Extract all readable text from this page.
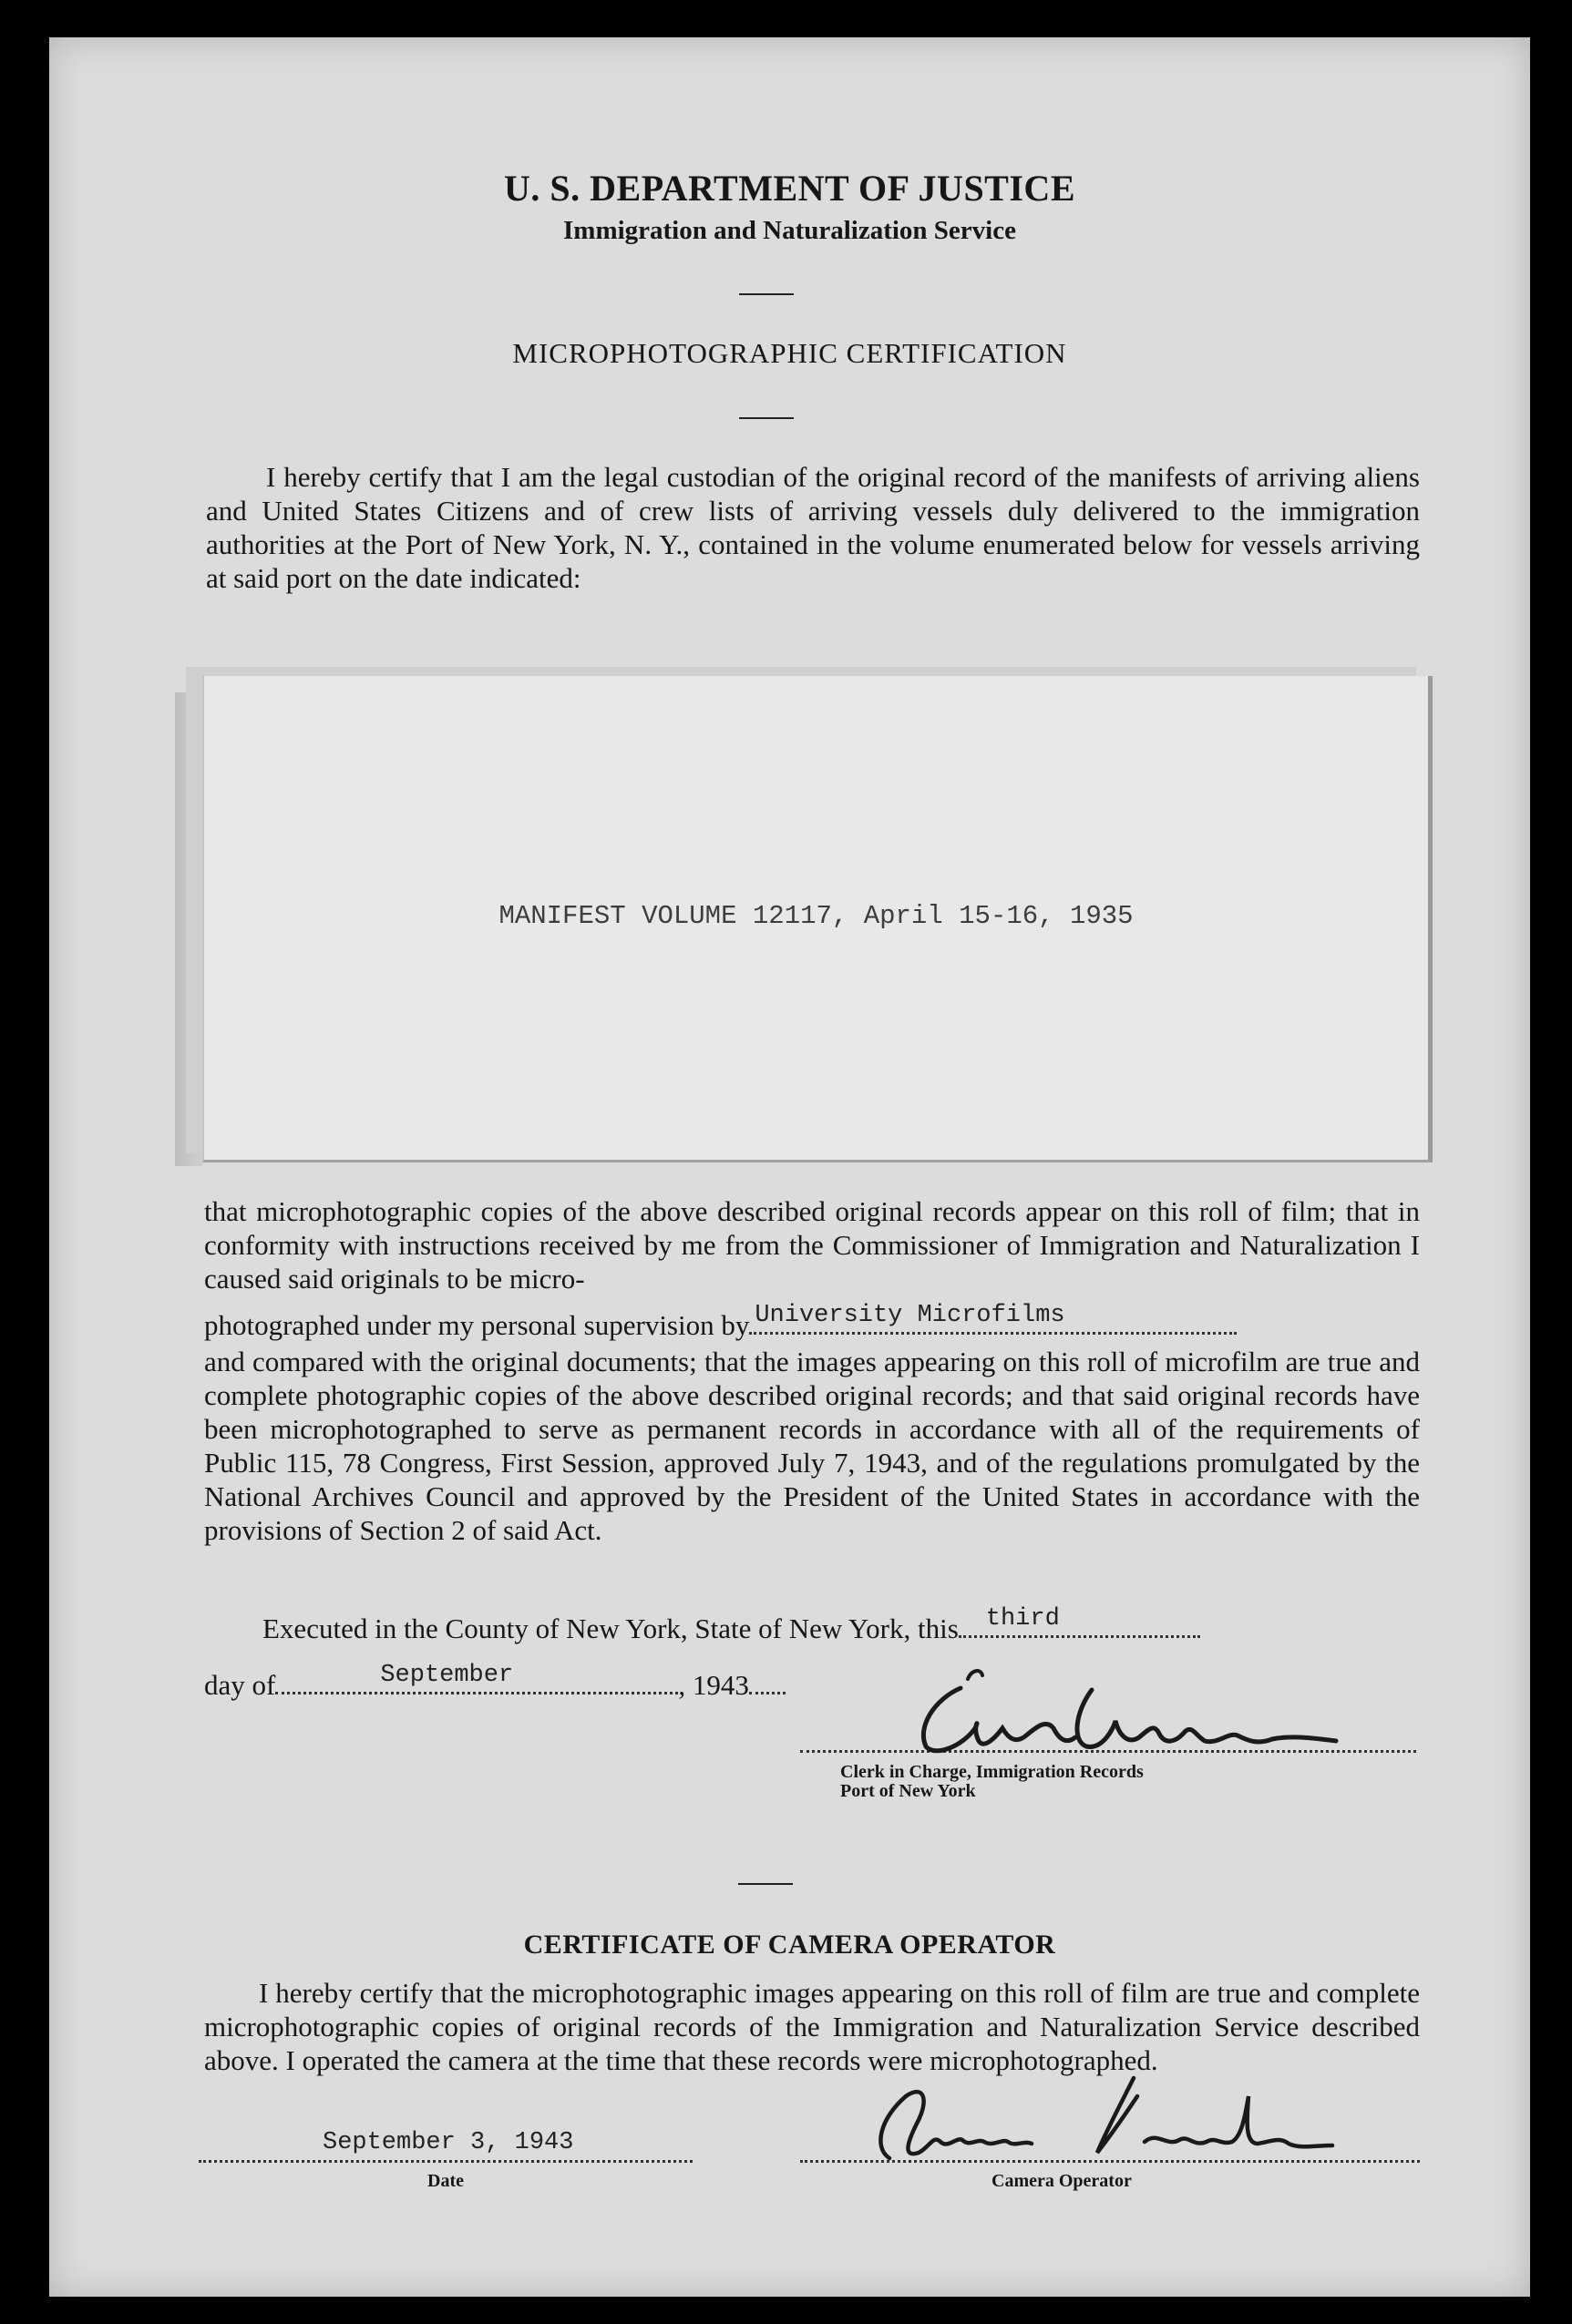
U. S. DEPARTMENT OF JUSTICE
Immigration and Naturalization Service
MICROPHOTOGRAPHIC CERTIFICATION
I hereby certify that I am the legal custodian of the original record of the manifests of arriving aliens and United States Citizens and of crew lists of arriving vessels duly delivered to the immigration authorities at the Port of New York, N. Y., contained in the volume enumerated below for vessels arriving at said port on the date indicated:
MANIFEST VOLUME 12117, April 15-16, 1935
that microphotographic copies of the above described original records appear on this roll of film; that in conformity with instructions received by me from the Commissioner of Immigration and Naturalization I caused said originals to be micro-
photographed under my personal supervision by University Microfilms
and compared with the original documents; that the images appearing on this roll of microfilm are true and complete photographic copies of the above described original records; and that said original records have been microphotographed to serve as permanent records in accordance with all of the requirements of Public 115, 78 Congress, First Session, approved July 7, 1943, and of the regulations promulgated by the National Archives Council and approved by the President of the United States in accordance with the provisions of Section 2 of said Act.
Executed in the County of New York, State of New York, this third
day of	September	, 1943
Clerk in Charge, Immigration Records
Port of New York
CERTIFICATE OF CAMERA OPERATOR
I hereby certify that the microphotographic images appearing on this roll of film are true and complete microphotographic copies of original records of the Immigration and Naturalization Service described above. I operated the camera at the time that these records were microphotographed.
September 3, 1943
Date	Camera Operator
